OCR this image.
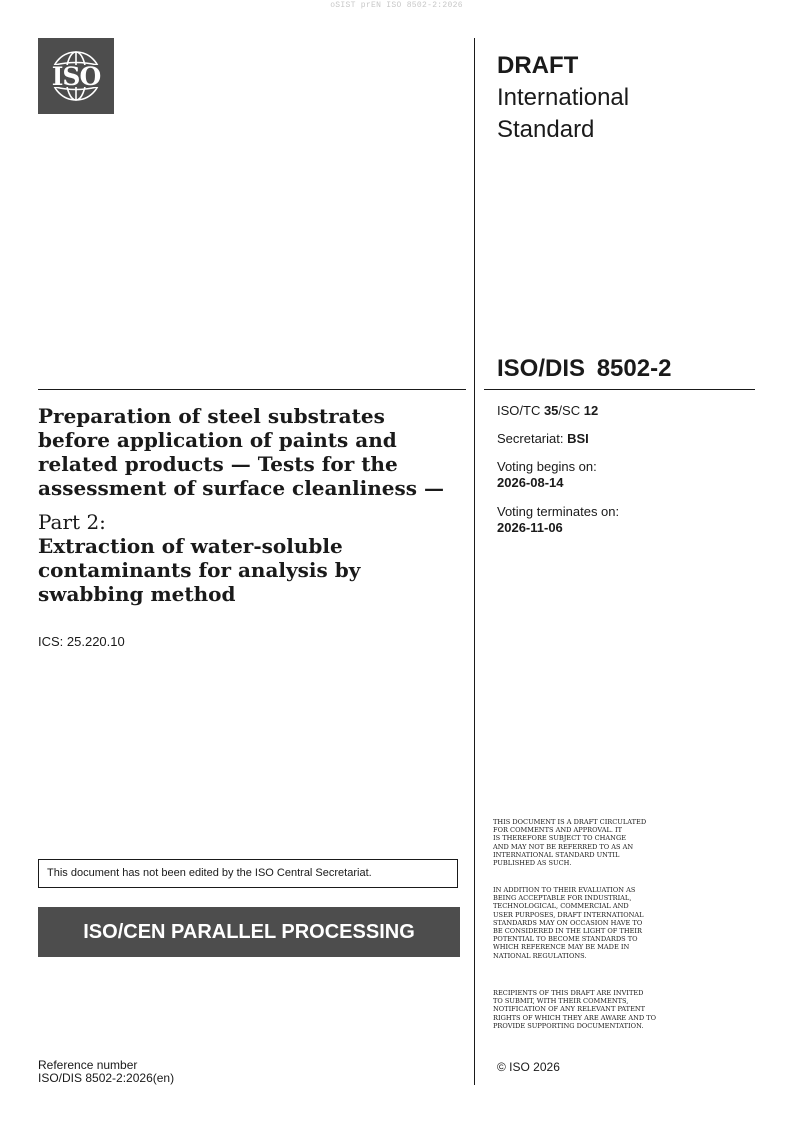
oSIST prEN ISO 8502-2:2026
ISO	DRAFT
International
Standard
ISO/DIS 8502-2
Preparation of steel substrates before application of paints and related products — Tests for the assessment of surface cleanliness —
Part 2:
Extraction of water-soluble contaminants for analysis by swabbing method
ICS: 25.220.10
ISO/TC 35/SC 12
Secretariat: BSI
Voting begins on:
2026-08-14
Voting terminates on:
2026-11-06
This document has not been edited by the ISO Central Secretariat.
ISO/CEN PARALLEL PROCESSING
THIS DOCUMENT IS A DRAFT CIRCULATED
FOR COMMENTS AND APPROVAL. IT
IS THEREFORE SUBJECT TO CHANGE
AND MAY NOT BE REFERRED TO AS AN
INTERNATIONAL STANDARD UNTIL
PUBLISHED AS SUCH.
IN ADDITION TO THEIR EVALUATION AS
BEING ACCEPTABLE FOR INDUSTRIAL,
TECHNOLOGICAL, COMMERCIAL AND
USER PURPOSES, DRAFT INTERNATIONAL
STANDARDS MAY ON OCCASION HAVE TO
BE CONSIDERED IN THE LIGHT OF THEIR
POTENTIAL TO BECOME STANDARDS TO
WHICH REFERENCE MAY BE MADE IN
NATIONAL REGULATIONS.
RECIPIENTS OF THIS DRAFT ARE INVITED
TO SUBMIT, WITH THEIR COMMENTS,
NOTIFICATION OF ANY RELEVANT PATENT
RIGHTS OF WHICH THEY ARE AWARE AND TO
PROVIDE SUPPORTING DOCUMENTATION.
© ISO 2026
Reference number
ISO/DIS 8502-2:2026(en)
